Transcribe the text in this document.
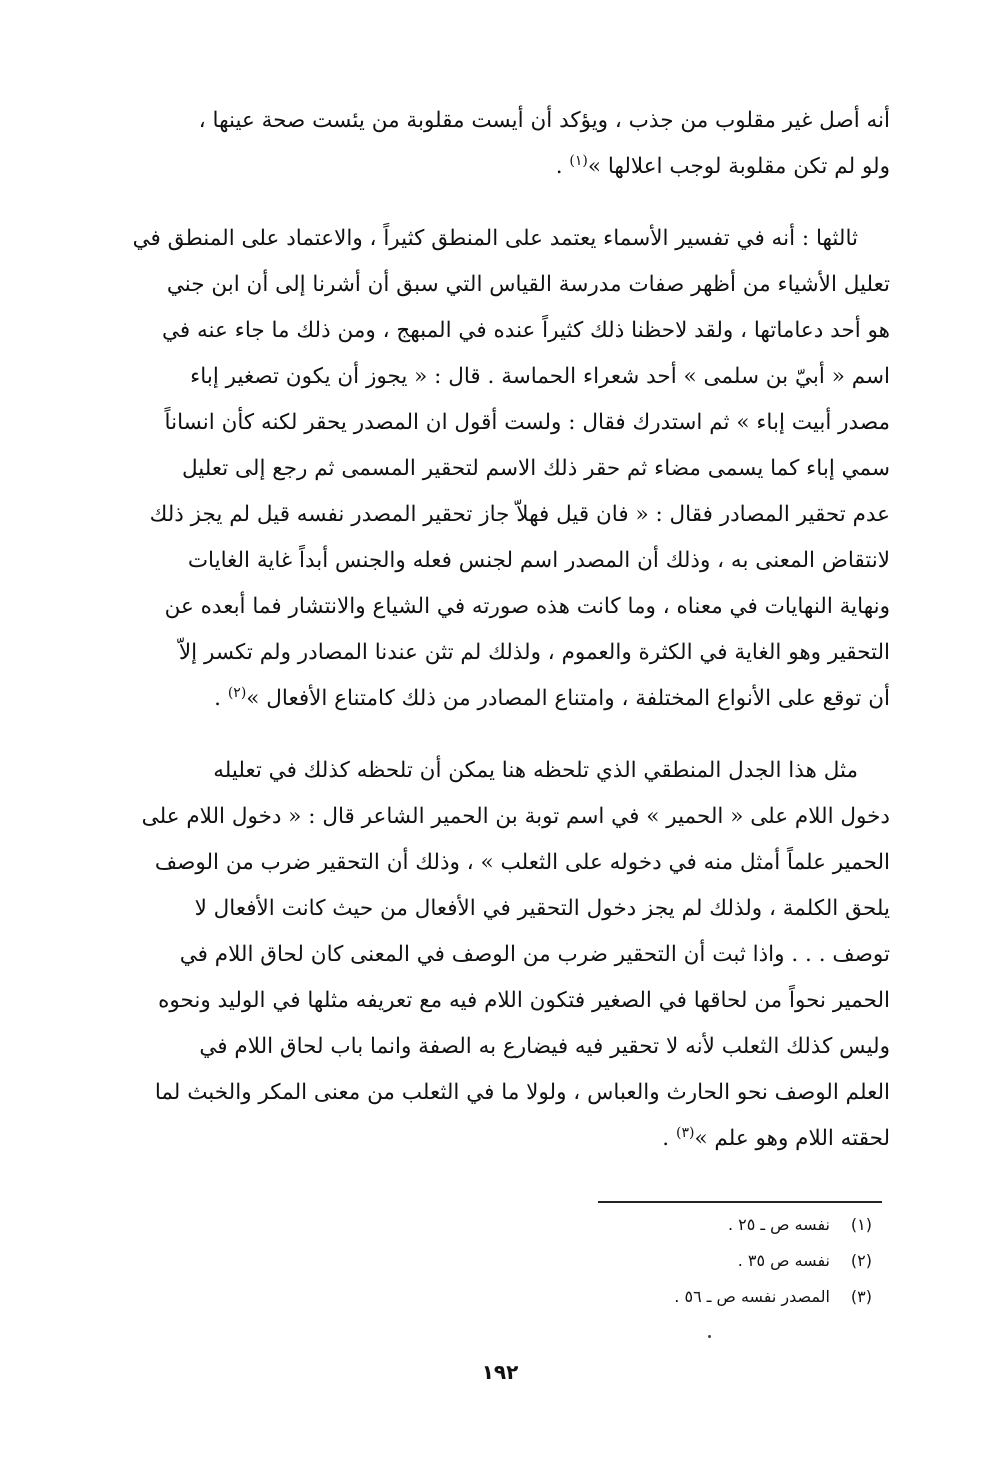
أنه أصل غير مقلوب من جذب ، ويؤكد أن أيست مقلوبة من يئست صحة عينها ،
ولو لم تكن مقلوبة لوجب اعلالها »$^{(١)}$ .

ثالثها : أنه في تفسير الأسماء يعتمد على المنطق كثيراً ، والاعتماد على المنطق في
تعليل الأشياء من أظهر صفات مدرسة القياس التي سبق أن أشرنا إلى أن ابن جني
هو أحد دعاماتها ، ولقد لاحظنا ذلك كثيراً عنده في المبهج ، ومن ذلك ما جاء عنه في
اسم « أبيّ بن سلمى » أحد شعراء الحماسة . قال : « يجوز أن يكون تصغير إباء
مصدر أبيت إباء » ثم استدرك فقال : ولست أقول ان المصدر يحقر لكنه كأن انساناً
سمي إباء كما يسمى مضاء ثم حقر ذلك الاسم لتحقير المسمى ثم رجع إلى تعليل
عدم تحقير المصادر فقال : « فان قيل فهلاّ جاز تحقير المصدر نفسه قيل لم يجز ذلك
لانتقاض المعنى به ، وذلك أن المصدر اسم لجنس فعله والجنس أبداً غاية الغايات
ونهاية النهايات في معناه ، وما كانت هذه صورته في الشياع والانتشار فما أبعده عن
التحقير وهو الغاية في الكثرة والعموم ، ولذلك لم تثن عندنا المصادر ولم تكسر إلاّ
أن توقع على الأنواع المختلفة ، وامتناع المصادر من ذلك كامتناع الأفعال »$^{(٢)}$ .

مثل هذا الجدل المنطقي الذي تلحظه هنا يمكن أن تلحظه كذلك في تعليله
دخول اللام على « الحمير » في اسم توبة بن الحمير الشاعر قال : « دخول اللام على
الحمير علماً أمثل منه في دخوله على الثعلب » ، وذلك أن التحقير ضرب من الوصف
يلحق الكلمة ، ولذلك لم يجز دخول التحقير في الأفعال من حيث كانت الأفعال لا
توصف . . . واذا ثبت أن التحقير ضرب من الوصف في المعنى كان لحاق اللام في
الحمير نحواً من لحاقها في الصغير فتكون اللام فيه مع تعريفه مثلها في الوليد ونحوه
وليس كذلك الثعلب لأنه لا تحقير فيه فيضارع به الصفة وانما باب لحاق اللام في
العلم الوصف نحو الحارث والعباس ، ولولا ما في الثعلب من معنى المكر والخبث لما
لحقته اللام وهو علم »$^{(٣)}$ .

(١)نفسه ص ـ ٢٥ .
(٢)نفسه ص ٣٥ .
(٣)المصدر نفسه ص ـ ٥٦ .
١٩٢
